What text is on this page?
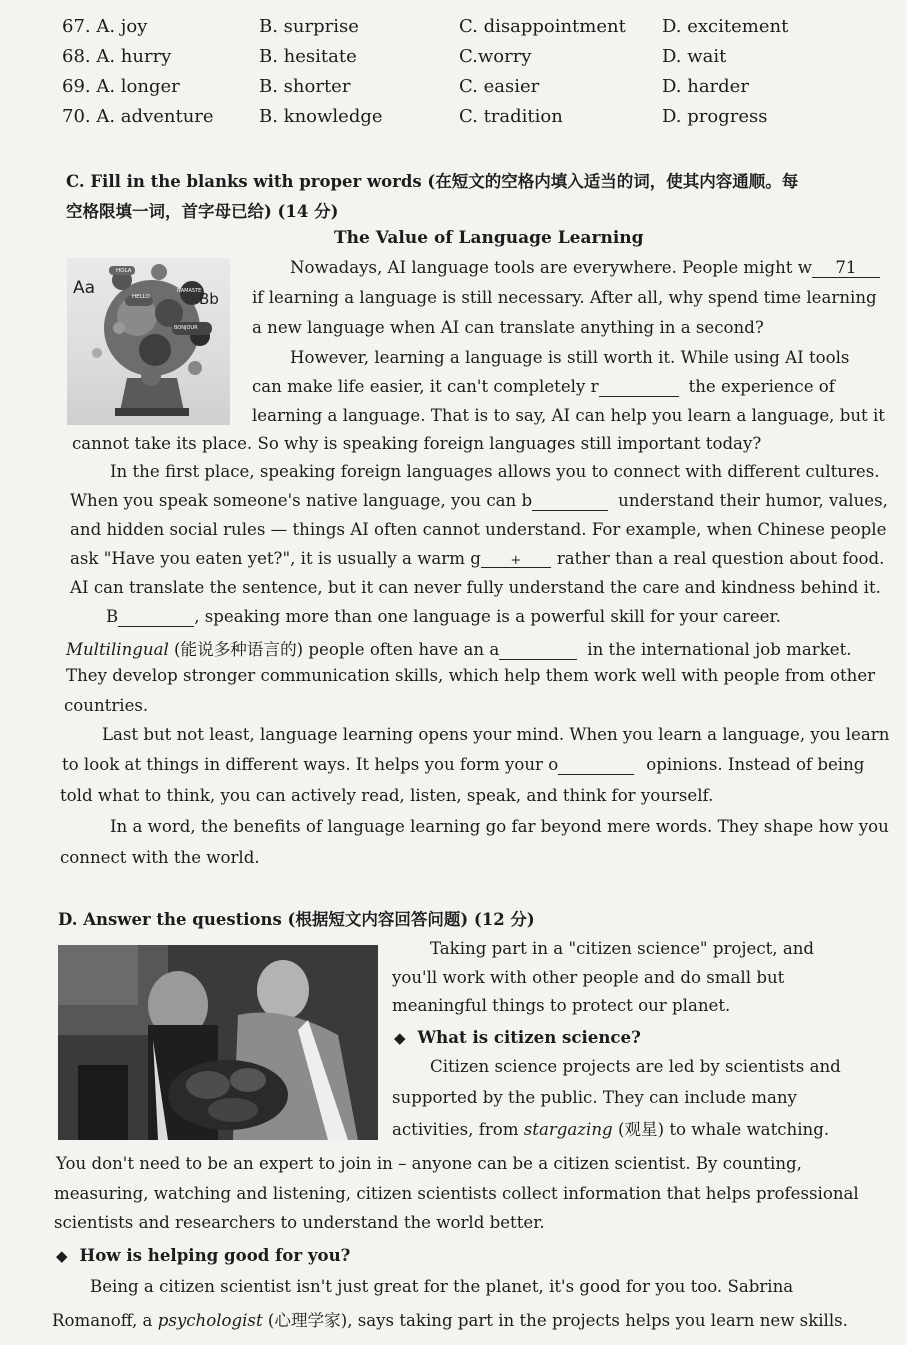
67. A. joy	B. surprise	C. disappointment D. excitement
68. A. hurry	B. hesitate	C.worry	D. wait
69. A. longer	B. shorter	C. easier	D. harder
70. A. adventure	B. knowledge	C. tradition	D. progress
C. Fill in the blanks with proper words (在短文的空格内填入适当的词，使其内容通顺。每
空格限填一词，首字母已给) (14 分)
The Value of Language Learning
Aa
Bb
HELLO
HOLA
BONJOUR
NAMASTE
Nowadays, AI language tools are everywhere. People might w 71
if learning a language is still necessary. After all, why spend time learning
a new language when AI can translate anything in a second?
However, learning a language is still worth it. While using AI tools
can make life easier, it can't completely r	the experience of
learning a language. That is to say, AI can help you learn a language, but it
cannot take its place. So why is speaking foreign languages still important today?
In the first place, speaking foreign languages allows you to connect with different cultures.
When you speak someone's native language, you can b	understand their humor, values,
and hidden social rules — things AI often cannot understand. For example, when Chinese people
ask "Have you eaten yet?", it is usually a warm g + rather than a real question about food.
AI can translate the sentence, but it can never fully understand the care and kindness behind it.
B	, speaking more than one language is a powerful skill for your career.
Multilingual (能说多种语言的) people often have an a	in the international job market.
They develop stronger communication skills, which help them work well with people from other
countries.
Last but not least, language learning opens your mind. When you learn a language, you learn
to look at things in different ways. It helps you form your o	opinions. Instead of being
told what to think, you can actively read, listen, speak, and think for yourself.
In a word, the benefits of language learning go far beyond mere words. They shape how you
connect with the world.
D. Answer the questions (根据短文内容回答问题) (12 分)
Taking part in a "citizen science" project, and
you'll work with other people and do small but
meaningful things to protect our planet.
◆ What is citizen science?
Citizen science projects are led by scientists and
supported by the public. They can include many
activities, from stargazing (观星) to whale watching.
You don't need to be an expert to join in – anyone can be a citizen scientist. By counting,
measuring, watching and listening, citizen scientists collect information that helps professional
scientists and researchers to understand the world better.
◆ How is helping good for you?
Being a citizen scientist isn't just great for the planet, it's good for you too. Sabrina
Romanoff, a psychologist (心理学家), says taking part in the projects helps you learn new skills.
